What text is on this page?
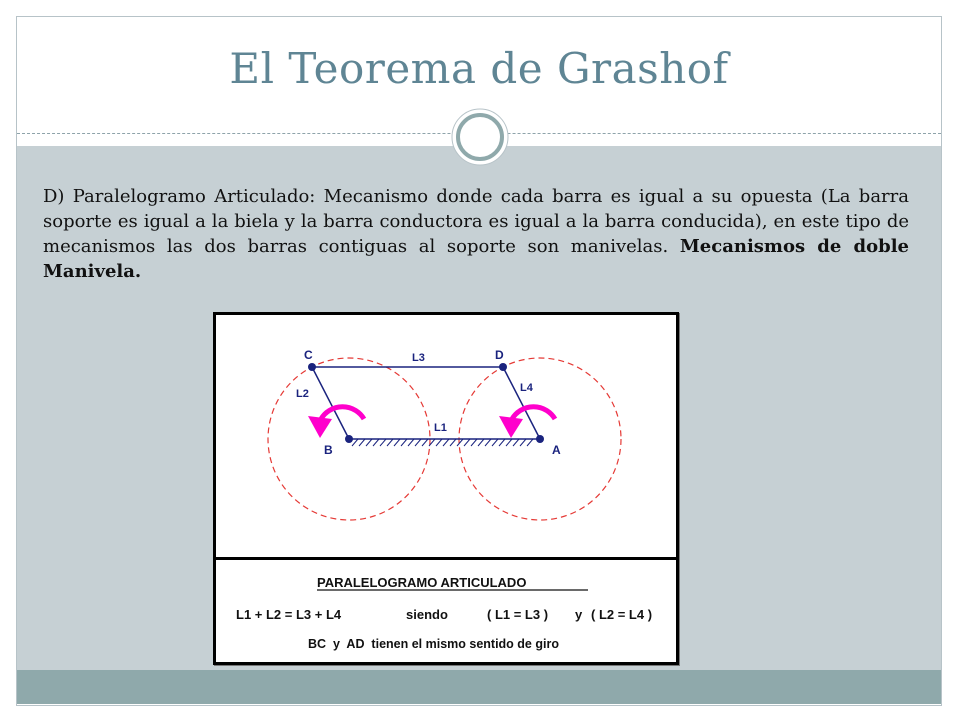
El Teorema de Grashof
D) Paralelogramo Articulado: Mecanismo donde cada barra es igual a su opuesta (La barra soporte es igual a la biela y la barra conductora es igual a la barra conducida), en este tipo de mecanismos las dos barras contiguas al soporte son manivelas. Mecanismos de doble Manivela.
C	D
B	A
L3
L2	L4
L1
PARALELOGRAMO ARTICULADO
L1 + L2 = L3 + L4	siendo	( L1 = L3 ) y ( L2 = L4 )
BC  y  AD  tienen el mismo sentido de giro
